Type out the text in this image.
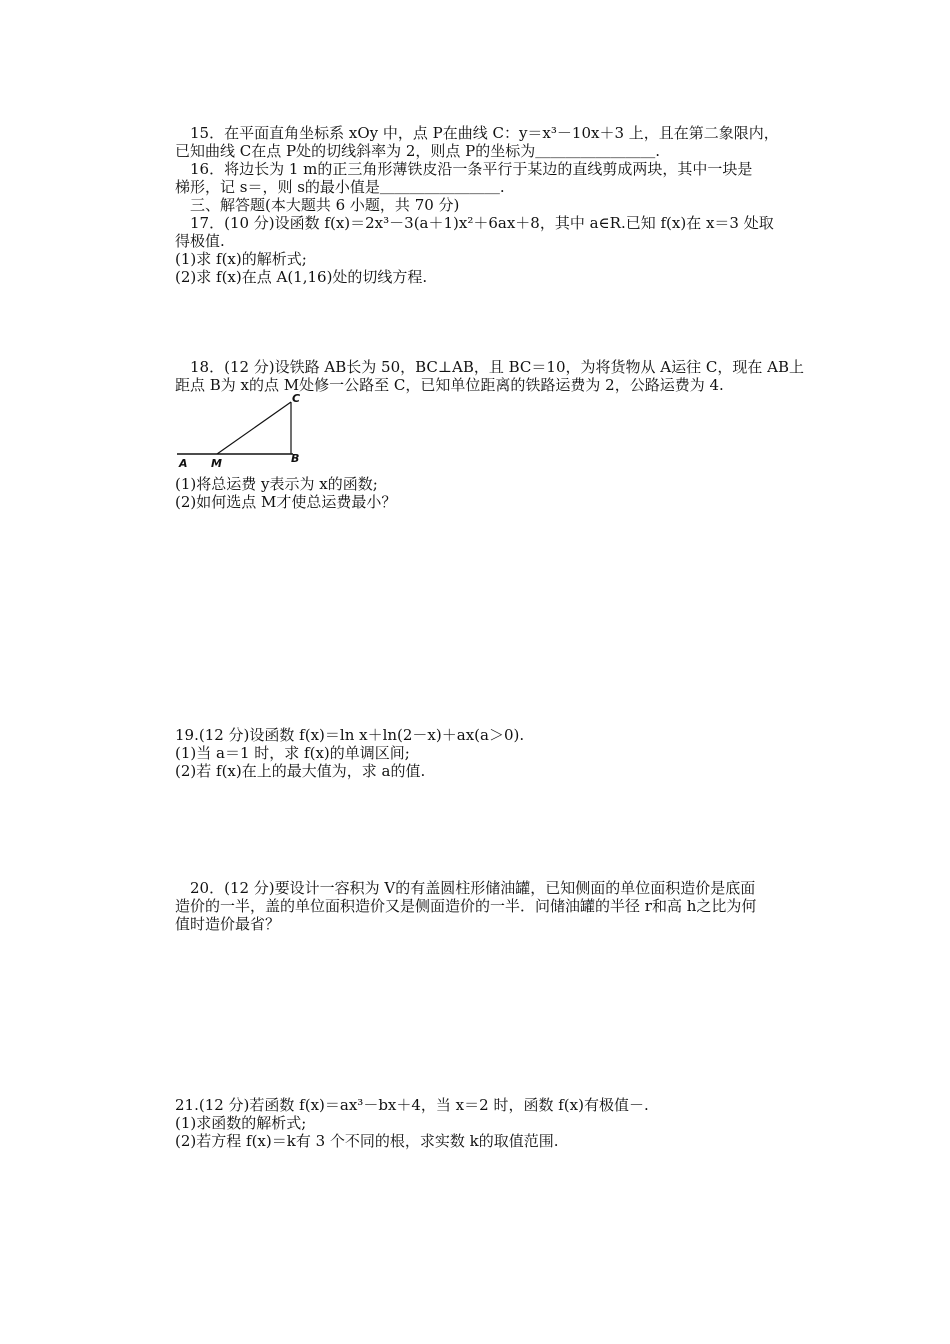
　15．在平面直角坐标系 xOy 中，点 P在曲线 C：y＝x³－10x＋3 上，且在第二象限内，
已知曲线 C在点 P处的切线斜率为 2，则点 P的坐标为＿＿＿＿＿＿＿＿.
　16．将边长为 1 m的正三角形薄铁皮沿一条平行于某边的直线剪成两块，其中一块是
梯形，记 s＝，则 s的最小值是＿＿＿＿＿＿＿＿.
　三、解答题(本大题共 6 小题，共 70 分)
　17．(10 分)设函数 f(x)＝2x³－3(a＋1)x²＋6ax＋8，其中 a∈R.已知 f(x)在 x＝3 处取
得极值.
(1)求 f(x)的解析式;
(2)求 f(x)在点 A(1,16)处的切线方程.
　18．(12 分)设铁路 AB长为 50，BC⊥AB，且 BC＝10，为将货物从 A运往 C，现在 AB上
距点 B为 x的点 M处修一公路至 C，已知单位距离的铁路运费为 2，公路运费为 4.
A M	B
C
(1)将总运费 y表示为 x的函数;
(2)如何选点 M才使总运费最小？
19.(12 分)设函数 f(x)＝ln x＋ln(2－x)＋ax(a＞0).
(1)当 a＝1 时，求 f(x)的单调区间;
(2)若 f(x)在上的最大值为，求 a的值.
　20．(12 分)要设计一容积为 V的有盖圆柱形储油罐，已知侧面的单位面积造价是底面
造价的一半，盖的单位面积造价又是侧面造价的一半．问储油罐的半径 r和高 h之比为何
值时造价最省？
21.(12 分)若函数 f(x)＝ax³－bx＋4，当 x＝2 时，函数 f(x)有极值－.
(1)求函数的解析式;
(2)若方程 f(x)＝k有 3 个不同的根，求实数 k的取值范围.
